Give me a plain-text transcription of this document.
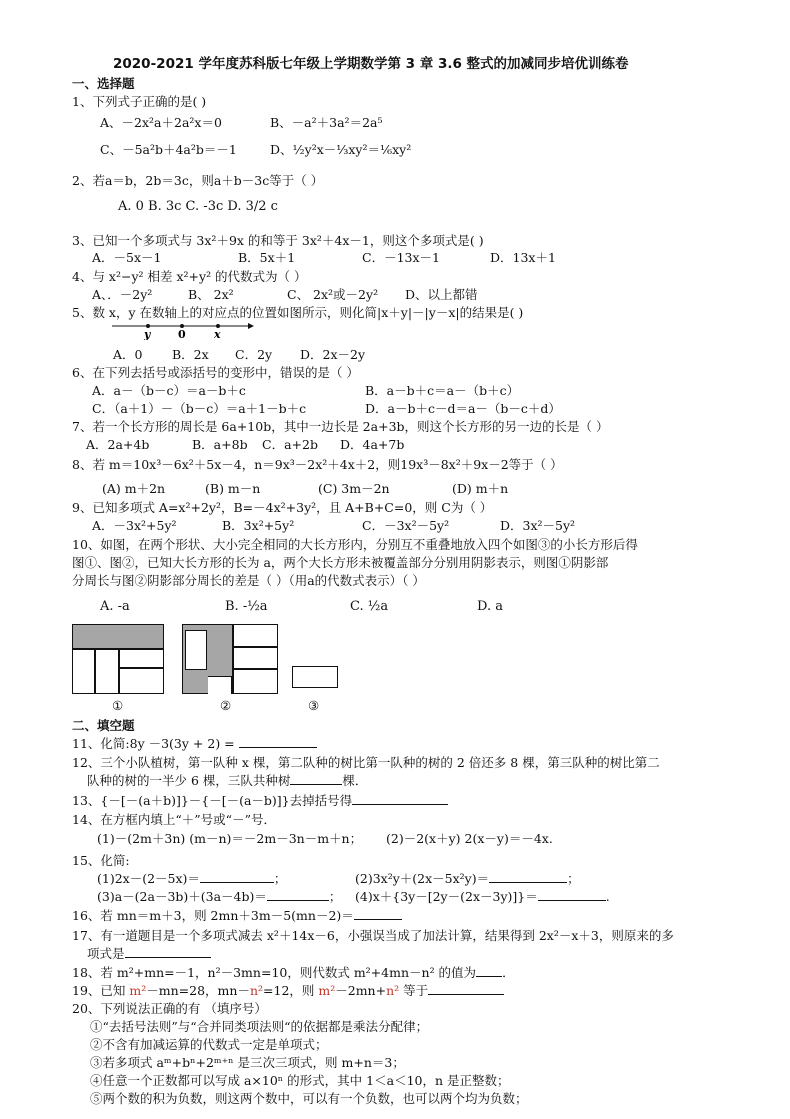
2020-2021 学年度苏科版七年级上学期数学第 3 章 3.6 整式的加减同步培优训练卷
一、选择题
1、下列式子正确的是( )
A、－2x²a＋2a²x＝0	B、－a²＋3a²＝2a⁵
C、－5a²b＋4a²b＝－1	D、½y²x－⅓xy²＝⅙xy²
2、若a＝b，2b＝3c，则a＋b－3c等于（ ）
A. 0 B. 3c C. -3c D. 3/2 c
3、已知一个多项式与 3x²＋9x 的和等于 3x²＋4x－1，则这个多项式是( )
A．－5x－1	B．5x＋1	C．－13x－1	D．13x＋1
4、与 x²−y² 相差 x²+y² 的代数式为（ ）
A、．－2y²	B、 2x²	C、 2x²或－2y² D、以上都错
5、数 x，y 在数轴上的对应点的位置如图所示，则化简|x＋y|－|y－x|的结果是( )
y	0	x
A．0 B．2x C．2y D．2x－2y
6、在下列去括号或添括号的变形中，错误的是（ ）
A．a－（b－c）＝a－b＋c	B．a－b＋c＝a－（b＋c）
C．（a＋1）－（b－c）＝a＋1－b＋c	D．a－b＋c－d＝a－（b－c＋d）
7、若一个长方形的周长是 6a+10b，其中一边长是 2a+3b，则这个长方形的另一边的长是（ ）
A．2a+4b	B．a+8b C．a+2b D．4a+7b
8、若 m＝10x³－6x²＋5x－4，n＝9x³－2x²＋4x＋2，则19x³－8x²＋9x－2等于（ ）
(A) m＋2n	(B) m－n	(C) 3m－2n	(D) m＋n
9、已知多项式 A=x²+2y²，B=－4x²+3y²，且 A+B+C=0，则 C为（ ）
A．－3x²+5y²	B．3x²+5y²	C．－3x²－5y²	D．3x²－5y²
10、如图，在两个形状、大小完全相同的大长方形内，分别互不重叠地放入四个如图③的小长方形后得
图①、图②，已知大长方形的长为 a，两个大长方形未被覆盖部分分别用阴影表示，则图①阴影部
分周长与图②阴影部分周长的差是（ ）（用a的代数式表示）（ ）
A. -a	B. -½a	C. ½a	D. a
①	②	③
二、填空题
11、化简:8y －3(3y + 2) =
12、三个小队植树，第一队种 x 棵，第二队种的树比第一队种的树的 2 倍还多 8 棵，第三队种的树比第二
队种的树的一半少 6 棵，三队共种树	棵．
13、{－[－(a＋b)]}－{－[－(a－b)]}去掉括号得
14、在方框内填上“＋”号或“－”号．
(1)－(2m＋3n) (m－n)＝－2m－3n－m＋n； (2)－2(x＋y) 2(x－y)＝－4x.
15、化简:
(1)2x－(2－5x)＝	；	(2)3x²y＋(2x－5x²y)＝	；
(3)a－(2a－3b)＋(3a－4b)＝	； (4)x＋{3y－[2y－(2x－3y)]}＝	.
16、若 mn＝m＋3，则 2mn＋3m－5(mn－2)＝
17、有一道题目是一个多项式减去 x²＋14x－6，小强误当成了加法计算，结果得到 2x²－x＋3，则原来的多
项式是
18、若 m²+mn=－1，n²－3mn=10，则代数式 m²+4mn－n² 的值为 ．
19、已知 m²－mn=28，mn－n²=12，则 m²－2mn+n² 等于
20、下列说法正确的有 （填序号）
①“去括号法则”与“合并同类项法则“的依据都是乘法分配律；
②不含有加减运算的代数式一定是单项式；
③若多项式 aᵐ+bⁿ+2ᵐ⁺ⁿ 是三次三项式，则 m+n＝3；
④任意一个正数都可以写成 a×10ⁿ 的形式，其中 1＜a＜10，n 是正整数；
⑤两个数的积为负数，则这两个数中，可以有一个负数，也可以两个均为负数；
